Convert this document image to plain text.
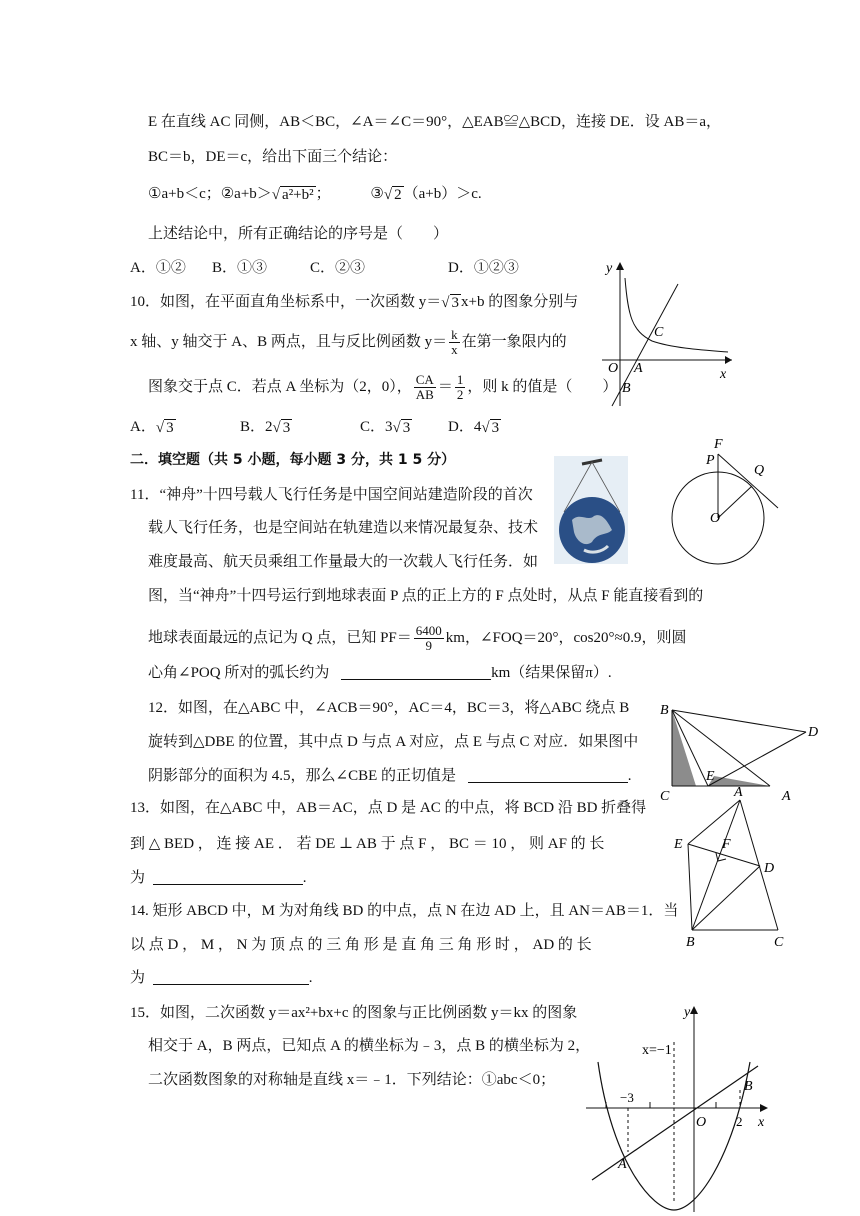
E 在直线 AC 同侧，AB＜BC，∠A＝∠C＝90°，△EAB≌△BCD，连接 DE．设 AB＝a，
BC＝b，DE＝c，给出下面三个结论：
①a+b＜c；②a+b＞√ a²+b² ； ③√ 2 （a+b）＞c.
上述结论中，所有正确结论的序号是（　　）
A．①② B．①③	C．②③	D．①②③
10．如图，在平面直角坐标系中，一次函数 y＝√ 3 x+b 的图象分别与
x 轴、y 轴交于 A、B 两点，且与反比例函数 $y= \frac{k}{x}$ 在第一象限内的
图象交于点 C．若点 A 坐标为（2，0）， $\frac{CA}{AB} = \frac{1}{2}$ ，则 k 的值是（　　）
A．√ 3	B．2√ 3	C．3√ 3	D．4√ 3
y
x
O A
B
C
二．填空题（共 5 小题，每小题 3 分，共 1 5 分）
11．“神舟”十四号载人飞行任务是中国空间站建造阶段的首次
载人飞行任务，也是空间站在轨建造以来情况最复杂、技术
难度最高、航天员乘组工作量最大的一次载人飞行任务．如
图，当“神舟”十四号运行到地球表面 P 点的正上方的 F 点处时，从点 F 能直接看到的
地球表面最远的点记为 Q 点，已知 $PF= \frac{6400}{9}$ km，∠FOQ＝20°，cos20°≈0.9，则圆
心角∠POQ 所对的弧长约为	km（结果保留π）.
F
P
Q
O
12．如图，在△ABC 中，∠ACB＝90°，AC＝4，BC＝3，将△ABC 绕点 B
旋转到△DBE 的位置，其中点 D 与点 A 对应，点 E 与点 C 对应．如果图中
阴影部分的面积为 4.5，那么∠CBE 的正切值是	.
B
D
E
C	A
13．如图，在△ABC 中，AB＝AC，点 D 是 AC 的中点，将 BCD 沿 BD 折叠得
到 △ BED ， 连 接 AE ． 若 DE ⊥ AB 于 点 F ， BC ＝ 10 ， 则 AF 的 长
为	.
A
E	F
D
B	C
14. 矩形 ABCD 中，M 为对角线 BD 的中点，点 N 在边 AD 上，且 AN＝AB＝1．当
以 点 D ， M ， N 为 顶 点 的 三 角 形 是 直 角 三 角 形 时 ， AD 的 长
为	.
15．如图，二次函数 y＝ax²+bx+c 的图象与正比例函数 y＝kx 的图象
相交于 A，B 两点，已知点 A 的横坐标为﹣3，点 B 的横坐标为 2，
二次函数图象的对称轴是直线 x＝﹣1．下列结论：①abc＜0；
y
x
x=−1
−3
O 2
A
B
